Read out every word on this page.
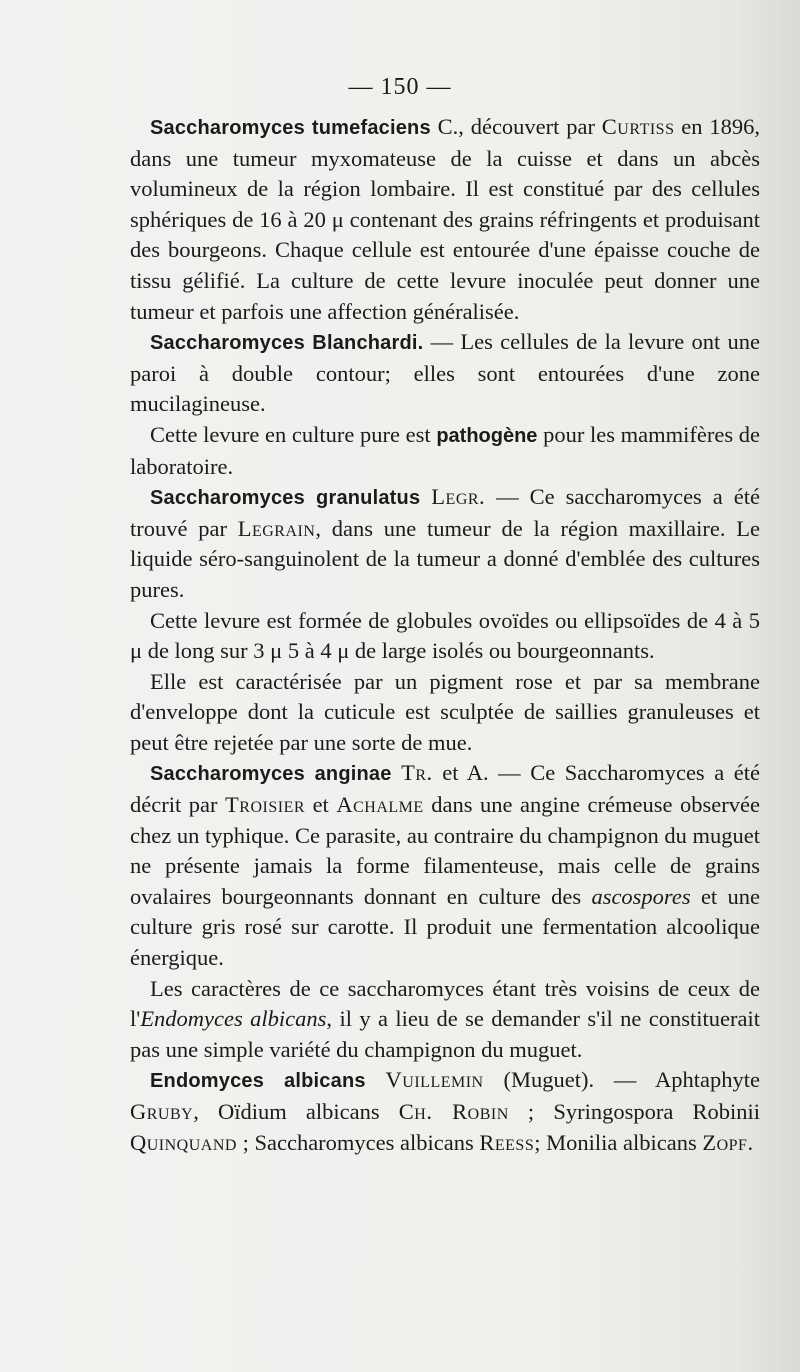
— 150 —

Saccharomyces tumefaciens C., découvert par Curtiss en 1896, dans une tumeur myxomateuse de la cuisse et dans un abcès volumineux de la région lombaire. Il est constitué par des cellules sphériques de 16 à 20 μ contenant des grains réfringents et produisant des bourgeons. Chaque cellule est entourée d'une épaisse couche de tissu gélifié. La culture de cette levure inoculée peut donner une tumeur et parfois une affection généralisée.

Saccharomyces Blanchardi. — Les cellules de la levure ont une paroi à double contour; elles sont entourées d'une zone mucilagineuse.

Cette levure en culture pure est pathogène pour les mammifères de laboratoire.

Saccharomyces granulatus Legr. — Ce saccharomyces a été trouvé par Legrain, dans une tumeur de la région maxillaire. Le liquide séro-sanguinolent de la tumeur a donné d'emblée des cultures pures.

Cette levure est formée de globules ovoïdes ou ellipsoïdes de 4 à 5 μ de long sur 3 μ 5 à 4 μ de large isolés ou bourgeonnants.

Elle est caractérisée par un pigment rose et par sa membrane d'enveloppe dont la cuticule est sculptée de saillies granuleuses et peut être rejetée par une sorte de mue.

Saccharomyces anginae Tr. et A. — Ce Saccharomyces a été décrit par Troisier et Achalme dans une angine crémeuse observée chez un typhique. Ce parasite, au contraire du champignon du muguet ne présente jamais la forme filamenteuse, mais celle de grains ovalaires bourgeonnants donnant en culture des ascospores et une culture gris rosé sur carotte. Il produit une fermentation alcoolique énergique.

Les caractères de ce saccharomyces étant très voisins de ceux de l'Endomyces albicans, il y a lieu de se demander s'il ne constituerait pas une simple variété du champignon du muguet.

Endomyces albicans Vuillemin (Muguet). — Aphtaphyte Gruby, Oïdium albicans Ch. Robin ; Syringospora Robinii Quinquand ; Saccharomyces albicans Reess; Monilia albicans Zopf.
